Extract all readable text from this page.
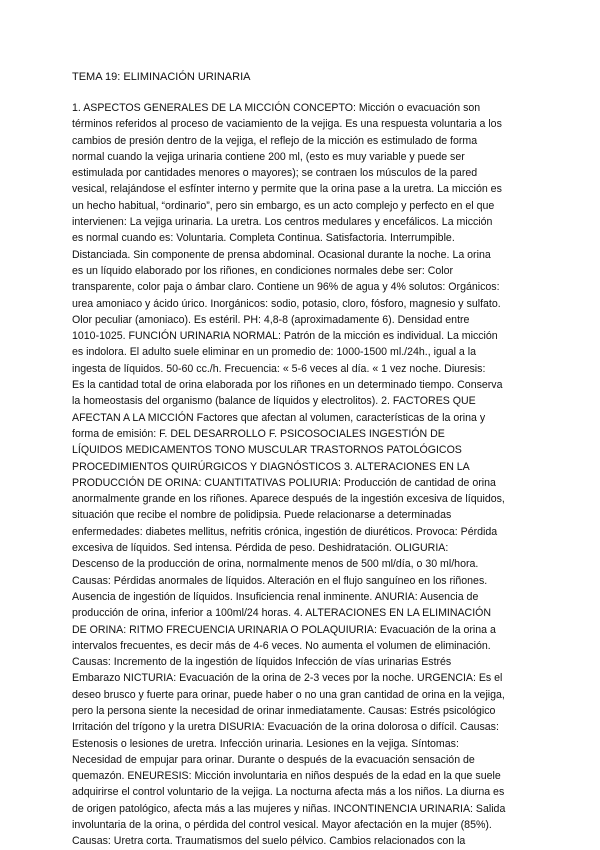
TEMA 19: ELIMINACIÓN URINARIA
1. ASPECTOS GENERALES DE LA MICCIÓN CONCEPTO: Micción o evacuación son
términos referidos al proceso de vaciamiento de la vejiga. Es una respuesta voluntaria a los
cambios de presión dentro de la vejiga, el reflejo de la micción es estimulado de forma
normal cuando la vejiga urinaria contiene 200 ml, (esto es muy variable y puede ser
estimulada por cantidades menores o mayores); se contraen los músculos de la pared
vesical, relajándose el esfínter interno y permite que la orina pase a la uretra. La micción es
un hecho habitual, “ordinario”, pero sin embargo, es un acto complejo y perfecto en el que
intervienen: La vejiga urinaria. La uretra. Los centros medulares y encefálicos. La micción
es normal cuando es: Voluntaria. Completa Continua. Satisfactoria. Interrumpible.
Distanciada. Sin componente de prensa abdominal. Ocasional durante la noche. La orina
es un líquido elaborado por los riñones, en condiciones normales debe ser: Color
transparente, color paja o ámbar claro. Contiene un 96% de agua y 4% solutos: Orgánicos:
urea amoniaco y ácido úrico. Inorgánicos: sodio, potasio, cloro, fósforo, magnesio y sulfato.
Olor peculiar (amoniaco). Es estéril. PH: 4,8-8 (aproximadamente 6). Densidad entre
1010-1025. FUNCIÓN URINARIA NORMAL: Patrón de la micción es individual. La micción
es indolora. El adulto suele eliminar en un promedio de: 1000-1500 ml./24h., igual a la
ingesta de líquidos. 50-60 cc./h. Frecuencia: « 5-6 veces al día. « 1 vez noche. Diuresis:
Es la cantidad total de orina elaborada por los riñones en un determinado tiempo. Conserva
la homeostasis del organismo (balance de líquidos y electrolitos). 2. FACTORES QUE
AFECTAN A LA MICCIÓN Factores que afectan al volumen, características de la orina y
forma de emisión: F. DEL DESARROLLO F. PSICOSOCIALES INGESTIÓN DE
LÍQUIDOS MEDICAMENTOS TONO MUSCULAR TRASTORNOS PATOLÓGICOS
PROCEDIMIENTOS QUIRÚRGICOS Y DIAGNÓSTICOS 3. ALTERACIONES EN LA
PRODUCCIÓN DE ORINA: CUANTITATIVAS POLIURIA: Producción de cantidad de orina
anormalmente grande en los riñones. Aparece después de la ingestión excesiva de líquidos,
situación que recibe el nombre de polidipsia. Puede relacionarse a determinadas
enfermedades: diabetes mellitus, nefritis crónica, ingestión de diuréticos. Provoca: Pérdida
excesiva de líquidos. Sed intensa. Pérdida de peso. Deshidratación. OLIGURIA:
Descenso de la producción de orina, normalmente menos de 500 ml/día, o 30 ml/hora.
Causas: Pérdidas anormales de líquidos. Alteración en el flujo sanguíneo en los riñones.
Ausencia de ingestión de líquidos. Insuficiencia renal inminente. ANURIA: Ausencia de
producción de orina, inferior a 100ml/24 horas. 4. ALTERACIONES EN LA ELIMINACIÓN
DE ORINA: RITMO FRECUENCIA URINARIA O POLAQUIURIA: Evacuación de la orina a
intervalos frecuentes, es decir más de 4-6 veces. No aumenta el volumen de eliminación.
Causas: Incremento de la ingestión de líquidos Infección de vías urinarias Estrés
Embarazo NICTURIA: Evacuación de la orina de 2-3 veces por la noche. URGENCIA: Es el
deseo brusco y fuerte para orinar, puede haber o no una gran cantidad de orina en la vejiga,
pero la persona siente la necesidad de orinar inmediatamente. Causas: Estrés psicológico
Irritación del trígono y la uretra DISURIA: Evacuación de la orina dolorosa o difícil. Causas:
Estenosis o lesiones de uretra. Infección urinaria. Lesiones en la vejiga. Síntomas:
Necesidad de empujar para orinar. Durante o después de la evacuación sensación de
quemazón. ENEURESIS: Micción involuntaria en niños después de la edad en la que suele
adquirirse el control voluntario de la vejiga. La nocturna afecta más a los niños. La diurna es
de origen patológico, afecta más a las mujeres y niñas. INCONTINENCIA URINARIA: Salida
involuntaria de la orina, o pérdida del control vesical. Mayor afectación en la mujer (85%).
Causas: Uretra corta. Traumatismos del suelo pélvico. Cambios relacionados con la
